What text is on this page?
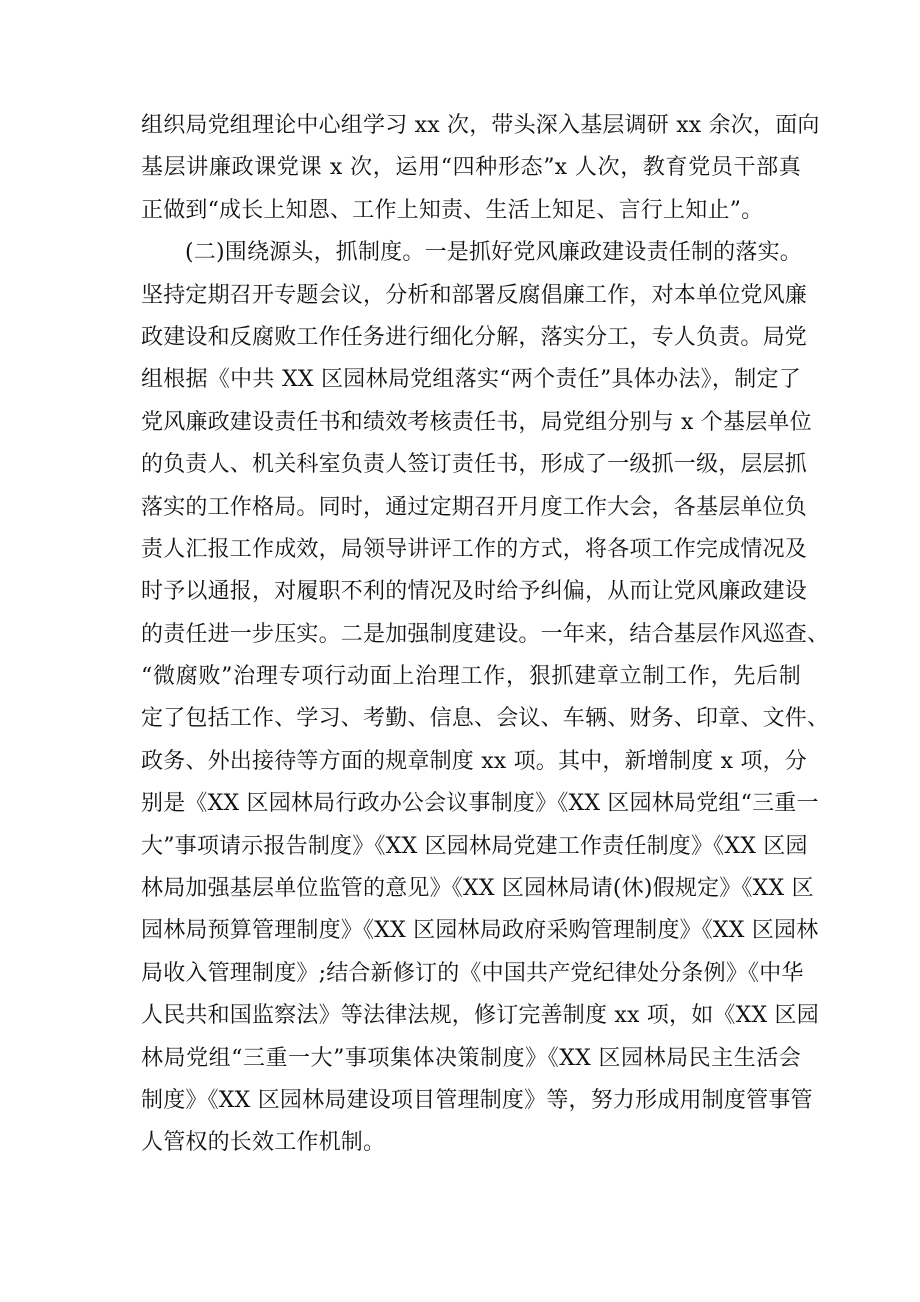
组织局党组理论中心组学习 xx 次，带头深入基层调研 xx 余次，面向
基层讲廉政课党课 x 次，运用“四种形态”x 人次，教育党员干部真
正做到“成长上知恩、工作上知责、生活上知足、言行上知止”。
(二)围绕源头，抓制度。一是抓好党风廉政建设责任制的落实。
坚持定期召开专题会议，分析和部署反腐倡廉工作，对本单位党风廉
政建设和反腐败工作任务进行细化分解，落实分工，专人负责。局党
组根据《中共 XX 区园林局党组落实“两个责任”具体办法》，制定了
党风廉政建设责任书和绩效考核责任书，局党组分别与 x 个基层单位
的负责人、机关科室负责人签订责任书，形成了一级抓一级，层层抓
落实的工作格局。同时，通过定期召开月度工作大会，各基层单位负
责人汇报工作成效，局领导讲评工作的方式，将各项工作完成情况及
时予以通报，对履职不利的情况及时给予纠偏，从而让党风廉政建设
的责任进一步压实。二是加强制度建设。一年来，结合基层作风巡查、
“微腐败”治理专项行动面上治理工作，狠抓建章立制工作，先后制
定了包括工作、学习、考勤、信息、会议、车辆、财务、印章、文件、
政务、外出接待等方面的规章制度 xx 项。其中，新增制度 x 项，分
别是《XX 区园林局行政办公会议事制度》《XX 区园林局党组“三重一
大”事项请示报告制度》《XX 区园林局党建工作责任制度》《XX 区园
林局加强基层单位监管的意见》《XX 区园林局请(休)假规定》《XX 区
园林局预算管理制度》《XX 区园林局政府采购管理制度》《XX 区园林
局收入管理制度》;结合新修订的《中国共产党纪律处分条例》《中华
人民共和国监察法》等法律法规，修订完善制度 xx 项，如《XX 区园
林局党组“三重一大”事项集体决策制度》《XX 区园林局民主生活会
制度》《XX 区园林局建设项目管理制度》等，努力形成用制度管事管
人管权的长效工作机制。
